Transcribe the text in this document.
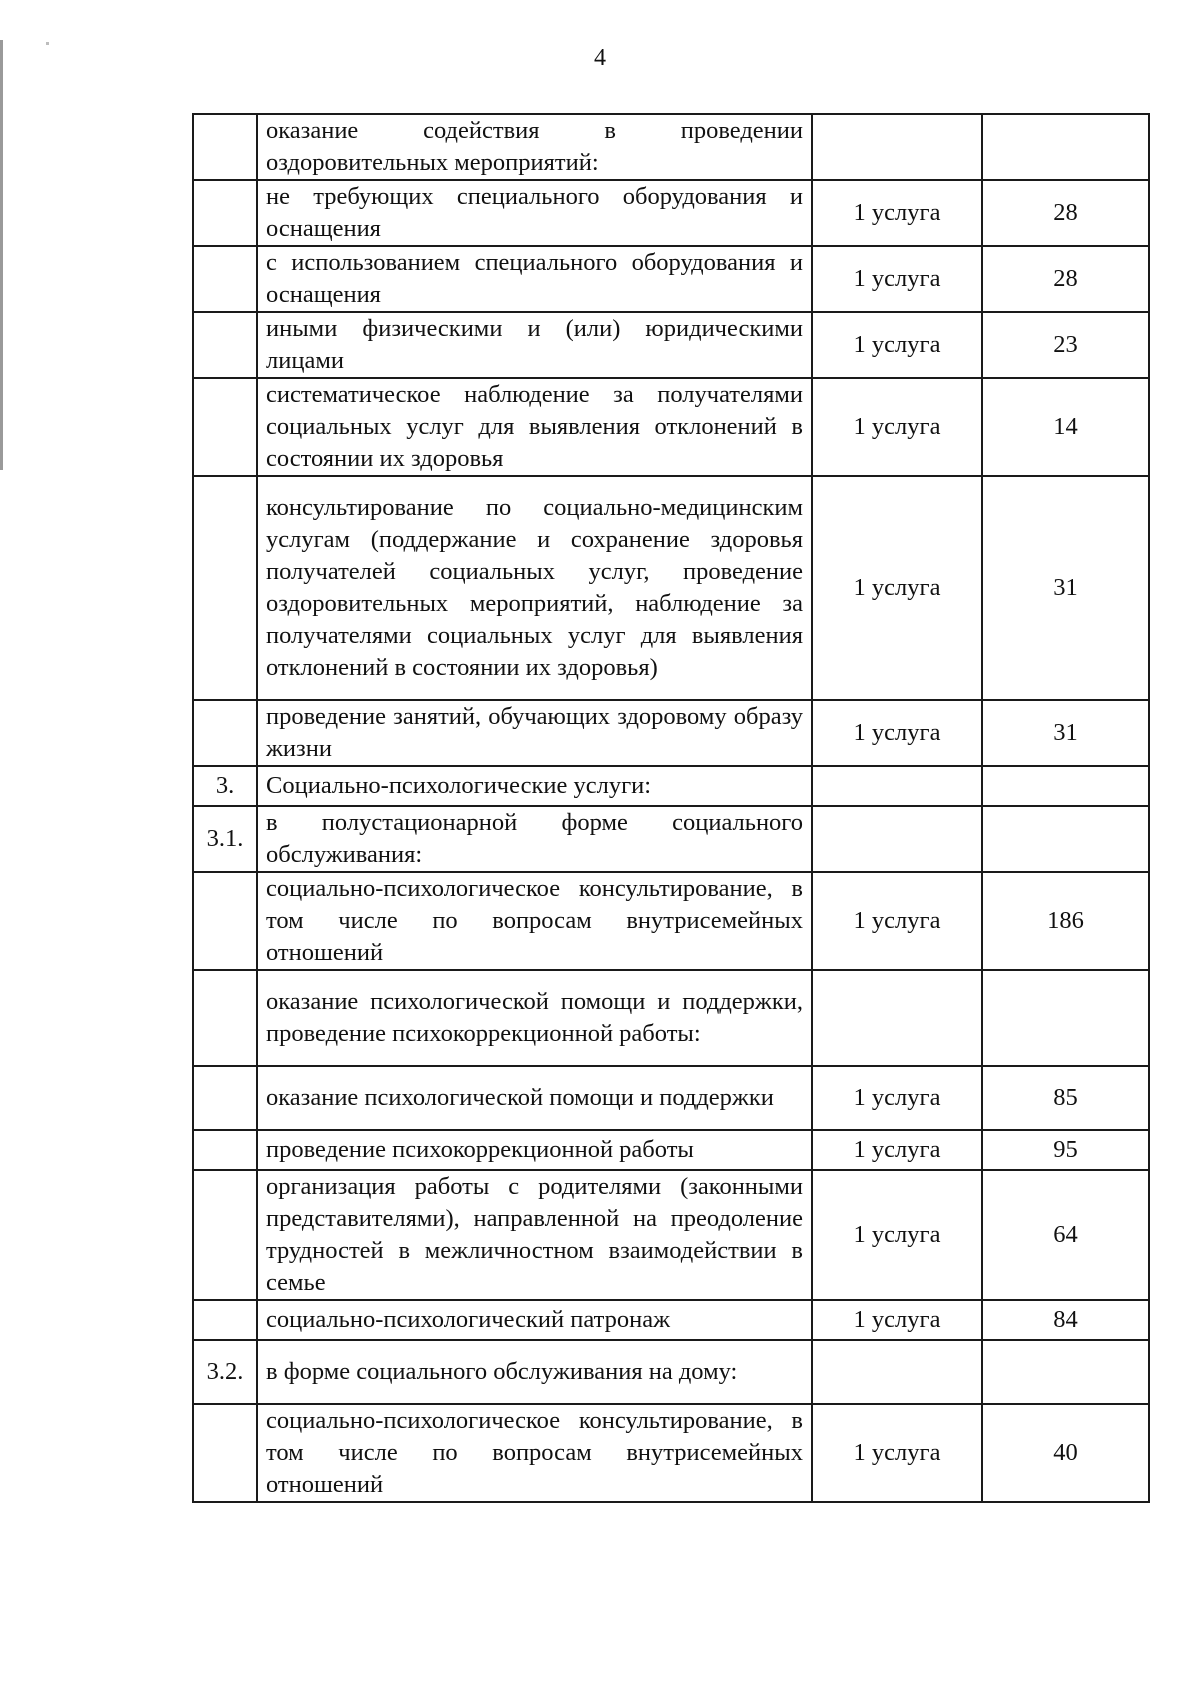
4
	оказание содействия в проведении оздоровительных мероприятий:		
	не требующих специального оборудования и оснащения	1 услуга	28
	с использованием специального оборудования и оснащения	1 услуга	28
	иными физическими и (или) юридическими лицами	1 услуга	23
	систематическое наблюдение за получателями социальных услуг для выявления отклонений в состоянии их здоровья	1 услуга	14
	консультирование по социально-медицинским услугам (поддержание и сохранение здоровья получателей социальных услуг, проведение оздоровительных мероприятий, наблюдение за получателями социальных услуг для выявления отклонений в состоянии их здоровья)	1 услуга	31
	проведение занятий, обучающих здоровому образу жизни	1 услуга	31
3.	Социально-психологические услуги:		
3.1.	в полустационарной форме социального обслуживания:		
	социально-психологическое консультирование, в том числе по вопросам внутрисемейных отношений	1 услуга	186
	оказание психологической помощи и поддержки, проведение психокоррекционной работы:		
	оказание психологической помощи и поддержки	1 услуга	85
	проведение психокоррекционной работы	1 услуга	95
	организация работы с родителями (законными представителями), направленной на преодоление трудностей в межличностном взаимодействии в семье	1 услуга	64
	социально-психологический патронаж	1 услуга	84
3.2.	в форме социального обслуживания на дому:		
	социально-психологическое консультирование, в том числе по вопросам внутрисемейных отношений	1 услуга	40
